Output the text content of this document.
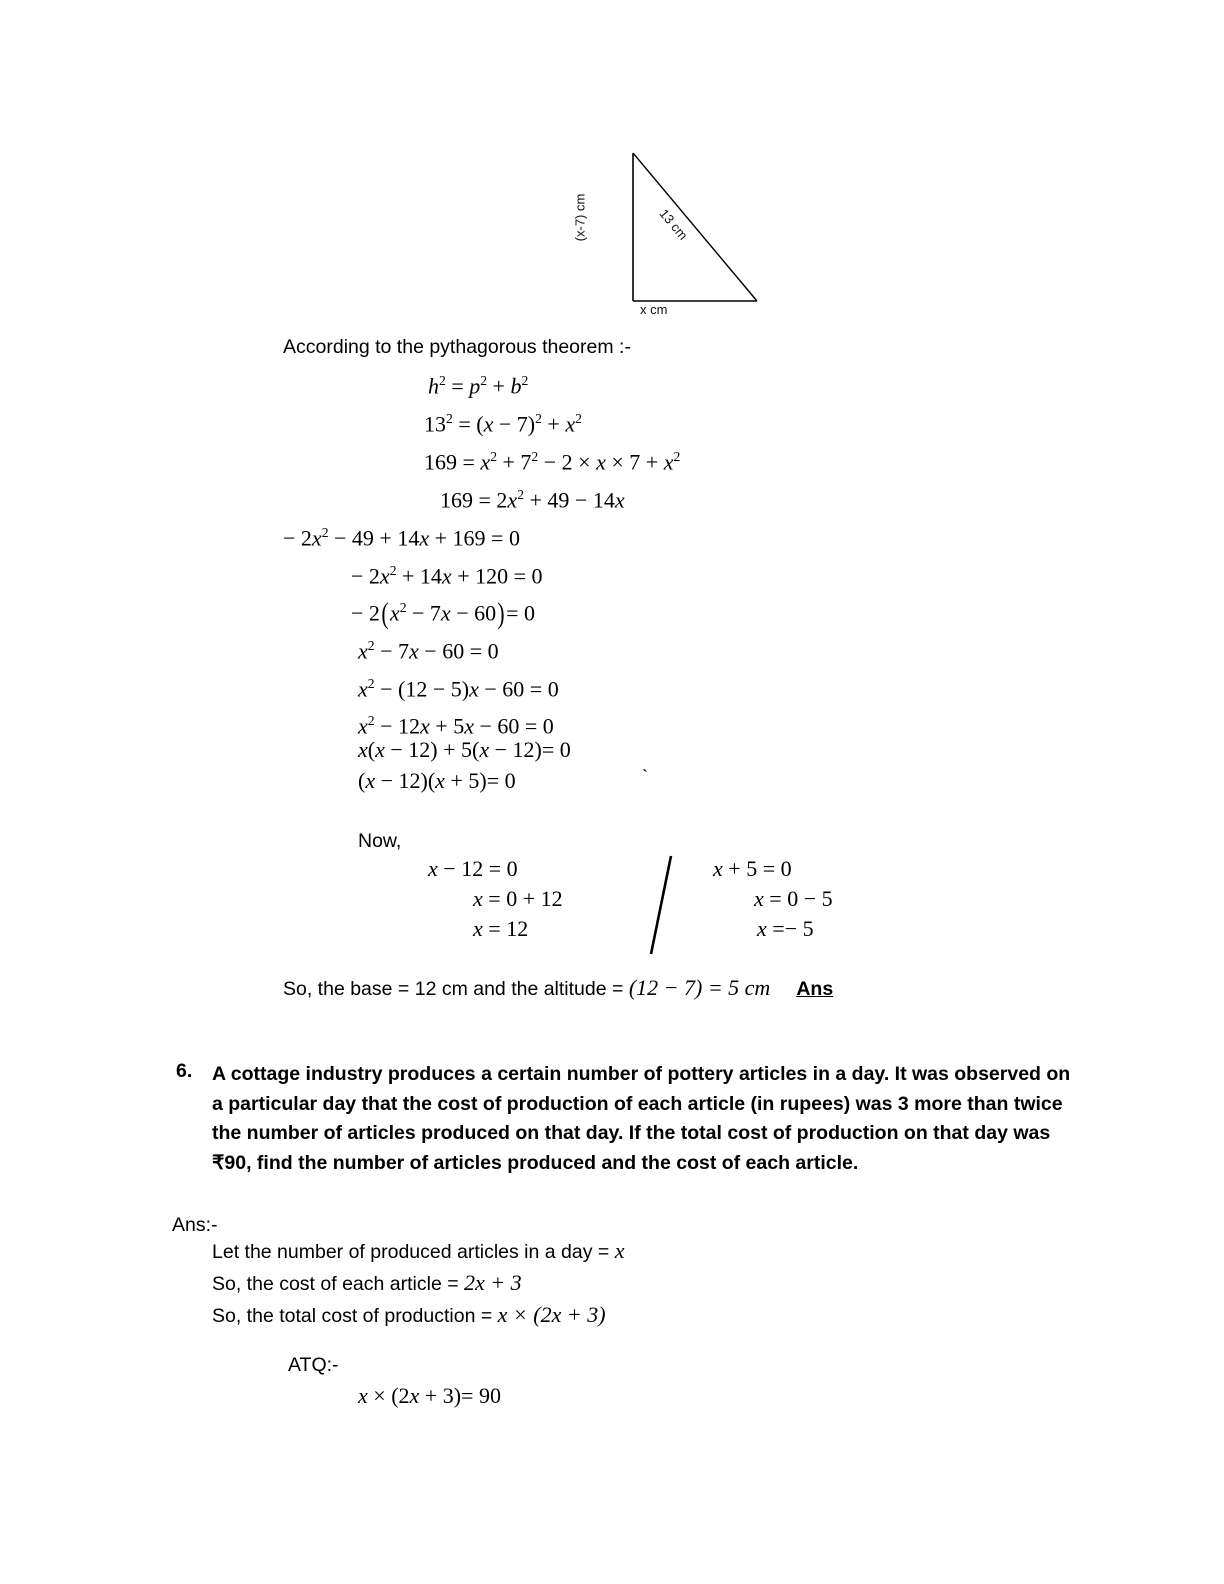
(x-7) cm	13 cm
x cm
According to the pythagorous theorem :-
$h^2 = p^2 + b^2$
$13^2 = (x - 7)^2 + x^2$
$169 = x^2 + 7^2 - 2 \times x \times 7 + x^2$
$169 = 2x^2 + 49 - 14x$
− $2x^2 - 49 + 14x + 169 = 0$
− $2x^2 + 14x + 120 = 0$
− $2(x^2 - 7x - 60)= 0$
$x^2 - 7x - 60 = 0$
$x^2 - (12 - 5)x - 60 = 0$
$x^2 - 12x + 5x - 60 = 0$
x(x − 12) + 5(x − 12)= 0
(x − 12)(x + 5)= 0	`
Now,
x − 12 = 0
x = 0 + 12
x = 12
x + 5 = 0
x = 0 − 5
x =− 5
So, the base = 12 cm and the altitude = (12 − 7) = 5 cm Ans
6. A cottage industry produces a certain number of pottery articles in a day. It was observed on a particular day that the cost of production of each article (in rupees) was 3 more than twice the number of articles produced on that day. If the total cost of production on that day was ₹90, find the number of articles produced and the cost of each article.
Ans:-
Let the number of produced articles in a day = x
So, the cost of each article = 2x + 3
So, the total cost of production = x × (2x + 3)
ATQ:-
x × (2x + 3)= 90
